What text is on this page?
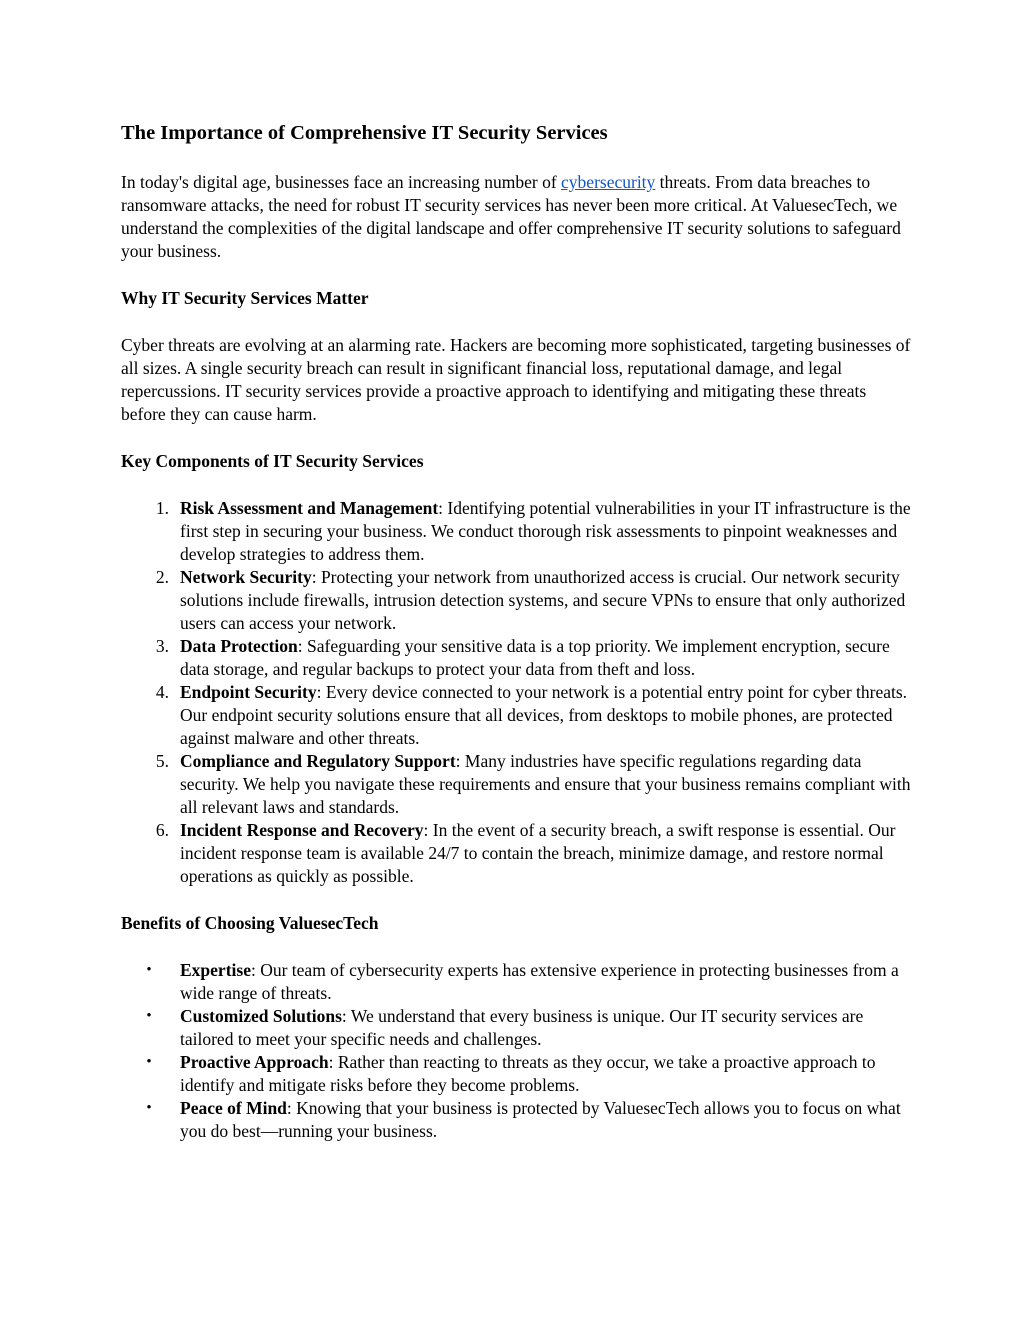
The Importance of Comprehensive IT Security Services

In today's digital age, businesses face an increasing number of cybersecurity threats. From data breaches to ransomware attacks, the need for robust IT security services has never been more critical. At ValuesecTech, we understand the complexities of the digital landscape and offer comprehensive IT security solutions to safeguard your business.

Why IT Security Services Matter

Cyber threats are evolving at an alarming rate. Hackers are becoming more sophisticated, targeting businesses of all sizes. A single security breach can result in significant financial loss, reputational damage, and legal repercussions. IT security services provide a proactive approach to identifying and mitigating these threats before they can cause harm.

Key Components of IT Security Services
1. Risk Assessment and Management: Identifying potential vulnerabilities in your IT infrastructure is the first step in securing your business. We conduct thorough risk assessments to pinpoint weaknesses and develop strategies to address them.
2. Network Security: Protecting your network from unauthorized access is crucial. Our network security solutions include firewalls, intrusion detection systems, and secure VPNs to ensure that only authorized users can access your network.
3. Data Protection: Safeguarding your sensitive data is a top priority. We implement encryption, secure data storage, and regular backups to protect your data from theft and loss.
4. Endpoint Security: Every device connected to your network is a potential entry point for cyber threats. Our endpoint security solutions ensure that all devices, from desktops to mobile phones, are protected against malware and other threats.
5. Compliance and Regulatory Support: Many industries have specific regulations regarding data security. We help you navigate these requirements and ensure that your business remains compliant with all relevant laws and standards.
6. Incident Response and Recovery: In the event of a security breach, a swift response is essential. Our incident response team is available 24/7 to contain the breach, minimize damage, and restore normal operations as quickly as possible.
Benefits of Choosing ValuesecTech
• Expertise: Our team of cybersecurity experts has extensive experience in protecting businesses from a wide range of threats.
• Customized Solutions: We understand that every business is unique. Our IT security services are tailored to meet your specific needs and challenges.
• Proactive Approach: Rather than reacting to threats as they occur, we take a proactive approach to identify and mitigate risks before they become problems.
• Peace of Mind: Knowing that your business is protected by ValuesecTech allows you to focus on what you do best—running your business.
